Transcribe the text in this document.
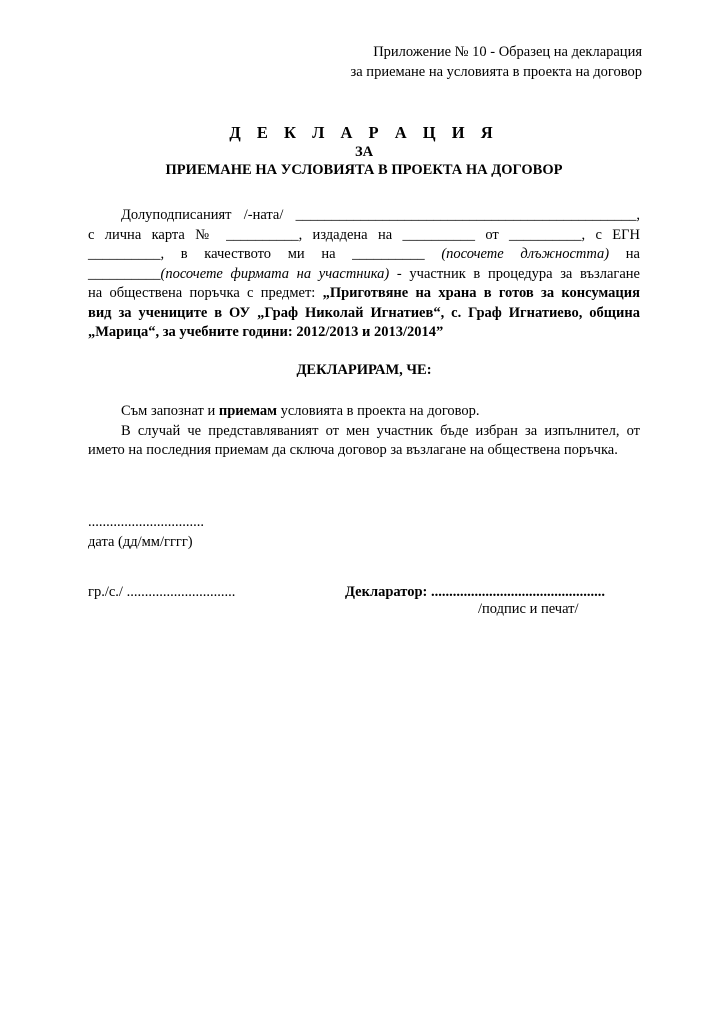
Приложение № 10 - Образец на декларация
за приемане на условията в проекта на договор
Д Е К Л А Р А Ц И Я
ЗА
ПРИЕМАНЕ НА УСЛОВИЯТА В ПРОЕКТА НА ДОГОВОР
Долуподписаният /-ната/ _______________________________________________,
с лична карта № __________, издадена на __________ от __________, с ЕГН
__________, в качеството ми на __________ (посочете длъжността) на
__________(посочете фирмата на участника) - участник в процедура за възлагане
на обществена поръчка с предмет: „Приготвяне на храна в готов за консумация
вид за учениците в ОУ „Граф Николай Игнатиев“, с. Граф Игнатиево, община
„Марица“, за учебните години: 2012/2013 и 2013/2014”
ДЕКЛАРИРАМ, ЧЕ:
Съм запознат и приемам условията в проекта на договор.
В случай че представляваният от мен участник бъде избран за изпълнител, от
името на последния приемам да сключа договор за възлагане на обществена поръчка.
................................
дата (дд/мм/гггг)
гр./с./ ..............................	Декларатор: ................................................
/подпис и печат/
